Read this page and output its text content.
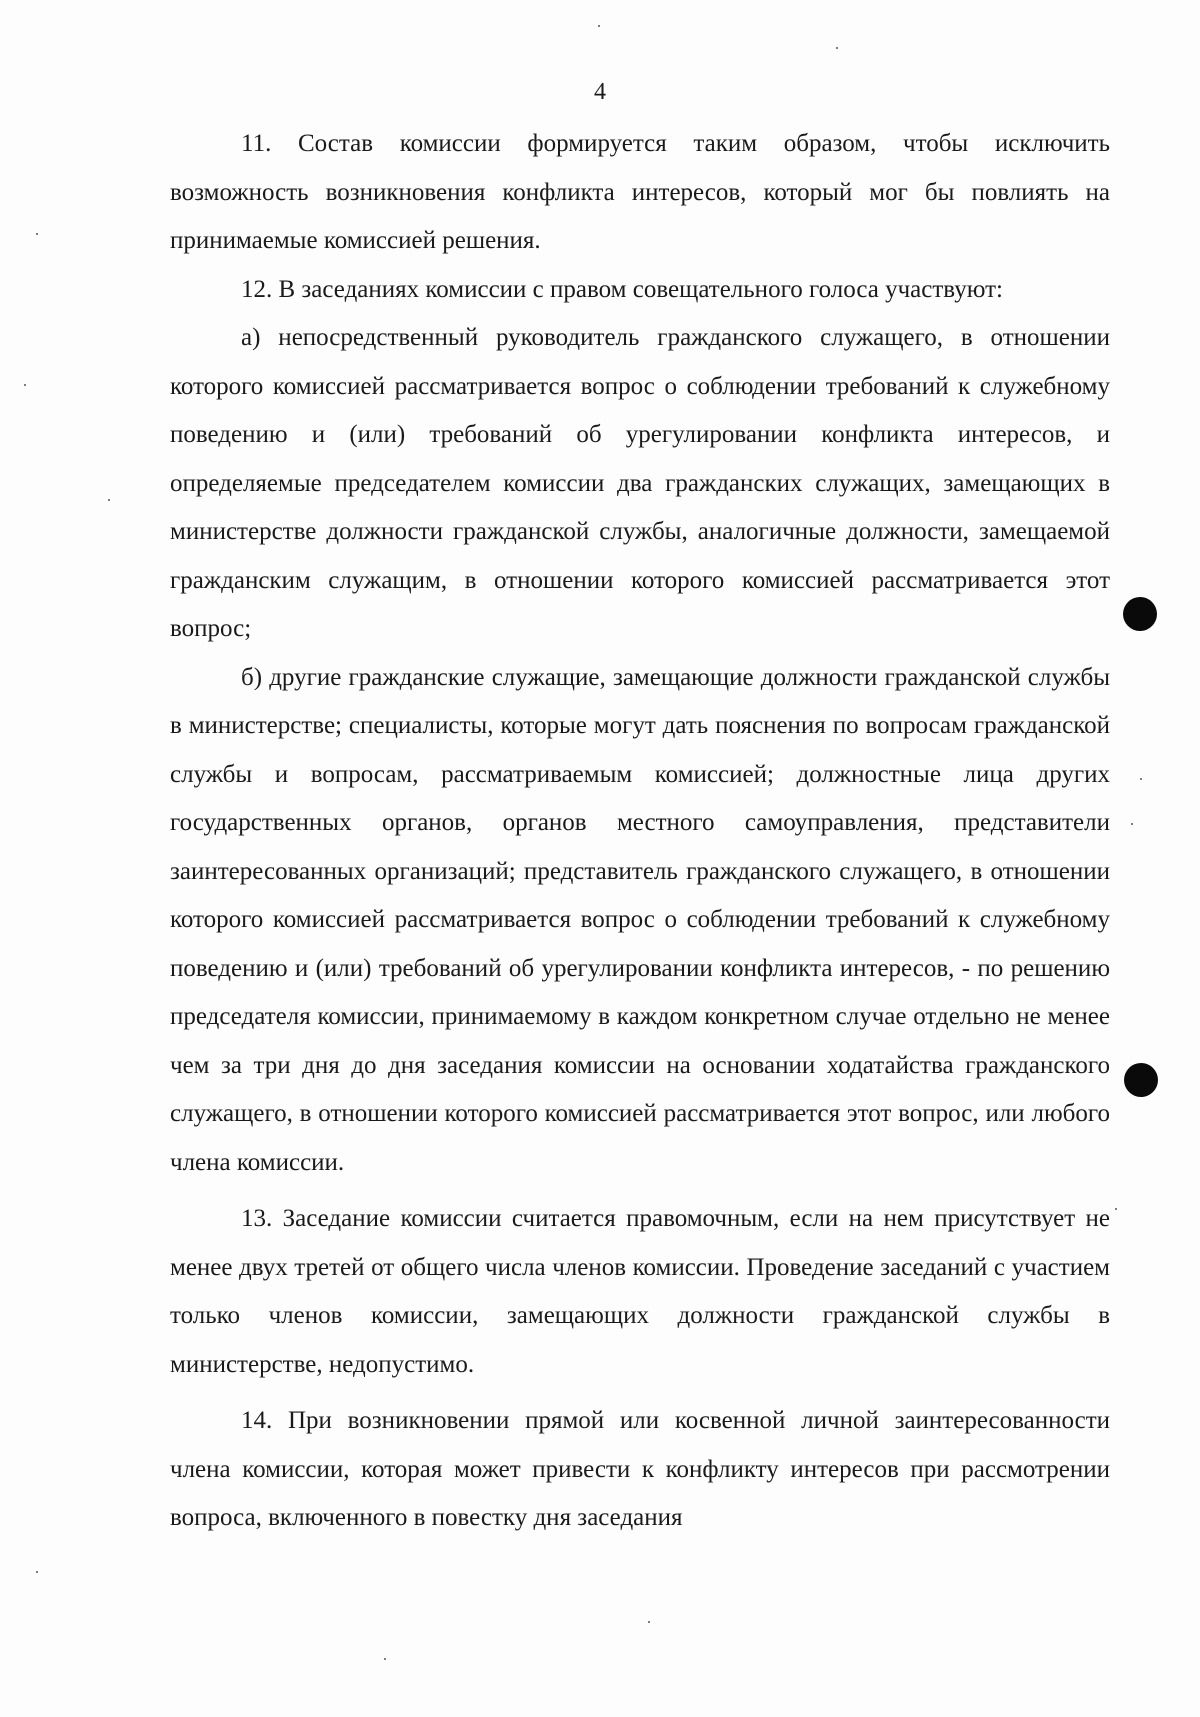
4

11. Состав комиссии формируется таким образом, чтобы исключить возможность возникновения конфликта интересов, который мог бы повлиять на принимаемые комиссией решения.

12. В заседаниях комиссии с правом совещательного голоса участвуют:

а) непосредственный руководитель гражданского служащего, в отношении которого комиссией рассматривается вопрос о соблюдении требований к служебному поведению и (или) требований об урегулировании конфликта интересов, и определяемые председателем комиссии два гражданских служащих, замещающих в министерстве должности гражданской службы, аналогичные должности, замещаемой гражданским служащим, в отношении которого комиссией рассматривается этот вопрос;

б) другие гражданские служащие, замещающие должности гражданской службы в министерстве; специалисты, которые могут дать пояснения по вопросам гражданской службы и вопросам, рассматриваемым комиссией; должностные лица других государственных органов, органов местного самоуправления, представители заинтересованных организаций; представитель гражданского служащего, в отношении которого комиссией рассматривается вопрос о соблюдении требований к служебному поведению и (или) требований об урегулировании конфликта интересов, - по решению председателя комиссии, принимаемому в каждом конкретном случае отдельно не менее чем за три дня до дня заседания комиссии на основании ходатайства гражданского служащего, в отношении которого комиссией рассматривается этот вопрос, или любого члена комиссии.

13. Заседание комиссии считается правомочным, если на нем присутствует не менее двух третей от общего числа членов комиссии. Проведение заседаний с участием только членов комиссии, замещающих должности гражданской службы в министерстве, недопустимо.

14. При возникновении прямой или косвенной личной заинтересованности члена комиссии, которая может привести к конфликту интересов при рассмотрении вопроса, включенного в повестку дня заседания
